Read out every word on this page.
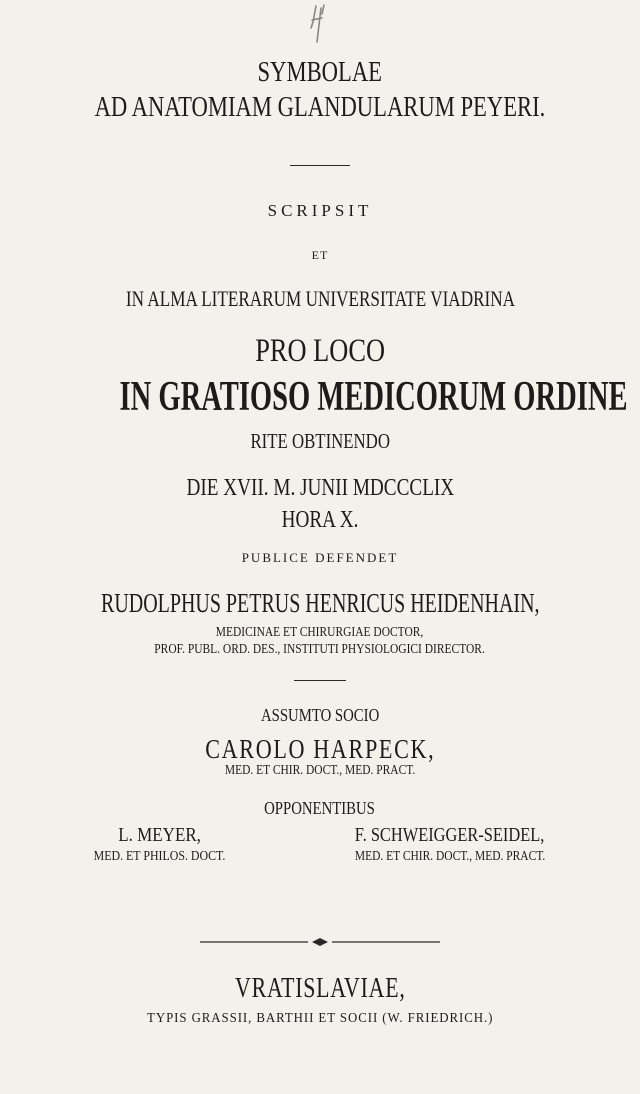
SYMBOLAE
AD ANATOMIAM GLANDULARUM PEYERI.
SCRIPSIT
ET
IN ALMA LITERARUM UNIVERSITATE VIADRINA
PRO LOCO
IN GRATIOSO MEDICORUM ORDINE
RITE OBTINENDO
DIE XVII. M. JUNII MDCCCLIX
HORA X.
PUBLICE DEFENDET
RUDOLPHUS PETRUS HENRICUS HEIDENHAIN,
MEDICINAE ET CHIRURGIAE DOCTOR,
PROF. PUBL. ORD. DES., INSTITUTI PHYSIOLOGICI DIRECTOR.
ASSUMTO SOCIO
CAROLO HARPECK,
MED. ET CHIR. DOCT., MED. PRACT.
OPPONENTIBUS
L. MEYER,
MED. ET PHILOS. DOCT.
F. SCHWEIGGER-SEIDEL,
MED. ET CHIR. DOCT., MED. PRACT.
VRATISLAVIAE,
TYPIS GRASSII, BARTHII ET SOCII (W. FRIEDRICH.)
